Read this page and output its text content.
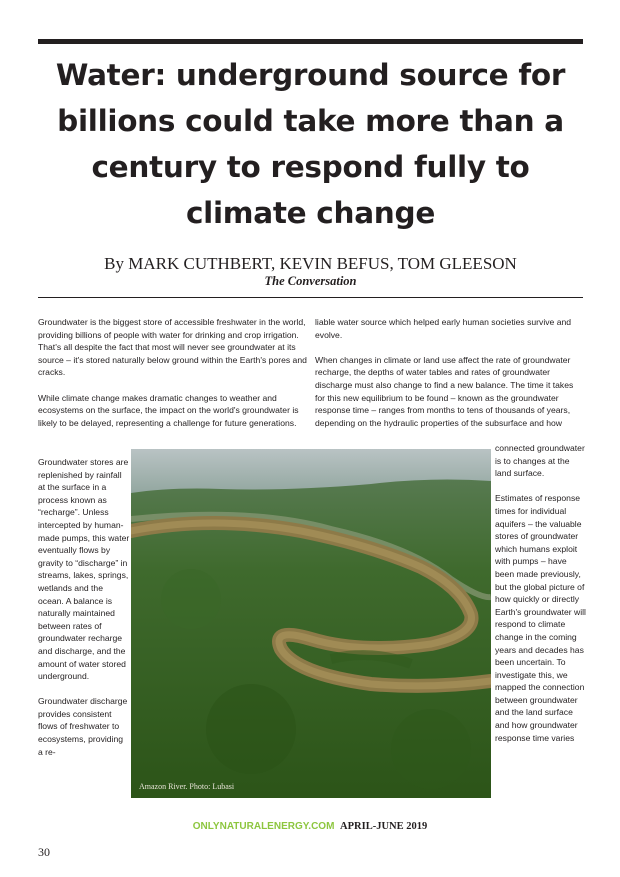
Water: underground source for billions could take more than a century to respond fully to climate change
By MARK CUTHBERT, KEVIN BEFUS, TOM GLEESON
The Conversation

Groundwater is the biggest store of accessible freshwater in the world, providing billions of people with water for drinking and crop irrigation. That's all despite the fact that most will never see groundwater at its source – it's stored naturally below ground within the Earth's pores and cracks.

While climate change makes dramatic changes to weather and ecosystems on the surface, the impact on the world's groundwater is likely to be delayed, representing a challenge for future generations.

liable water source which helped early human societies survive and evolve.

When changes in climate or land use affect the rate of groundwater recharge, the depths of water tables and rates of groundwater discharge must also change to find a new balance. The time it takes for this new equilibrium to be found – known as the groundwater response time – ranges from months to tens of thousands of years, depending on the hydraulic properties of the subsurface and how

Groundwater stores are replenished by rainfall at the surface in a process known as “recharge”. Unless intercepted by human-made pumps, this water eventually flows by gravity to “discharge” in streams, lakes, springs, wetlands and the ocean. A balance is naturally maintained between rates of groundwater recharge and discharge, and the amount of water stored underground.

Groundwater discharge provides consistent flows of freshwater to ecosystems, providing a re-

Amazon River. Photo: Lubasi

connected groundwater is to changes at the land surface.

Estimates of response times for individual aquifers – the valuable stores of groundwater which humans exploit with pumps – have been made previously, but the global picture of how quickly or directly Earth's groundwater will respond to climate change in the coming years and decades has been uncertain. To investigate this, we mapped the connection between groundwater and the land surface and how groundwater response time varies

ONLYNATURALENERGY.COM APRIL-JUNE 2019
30
